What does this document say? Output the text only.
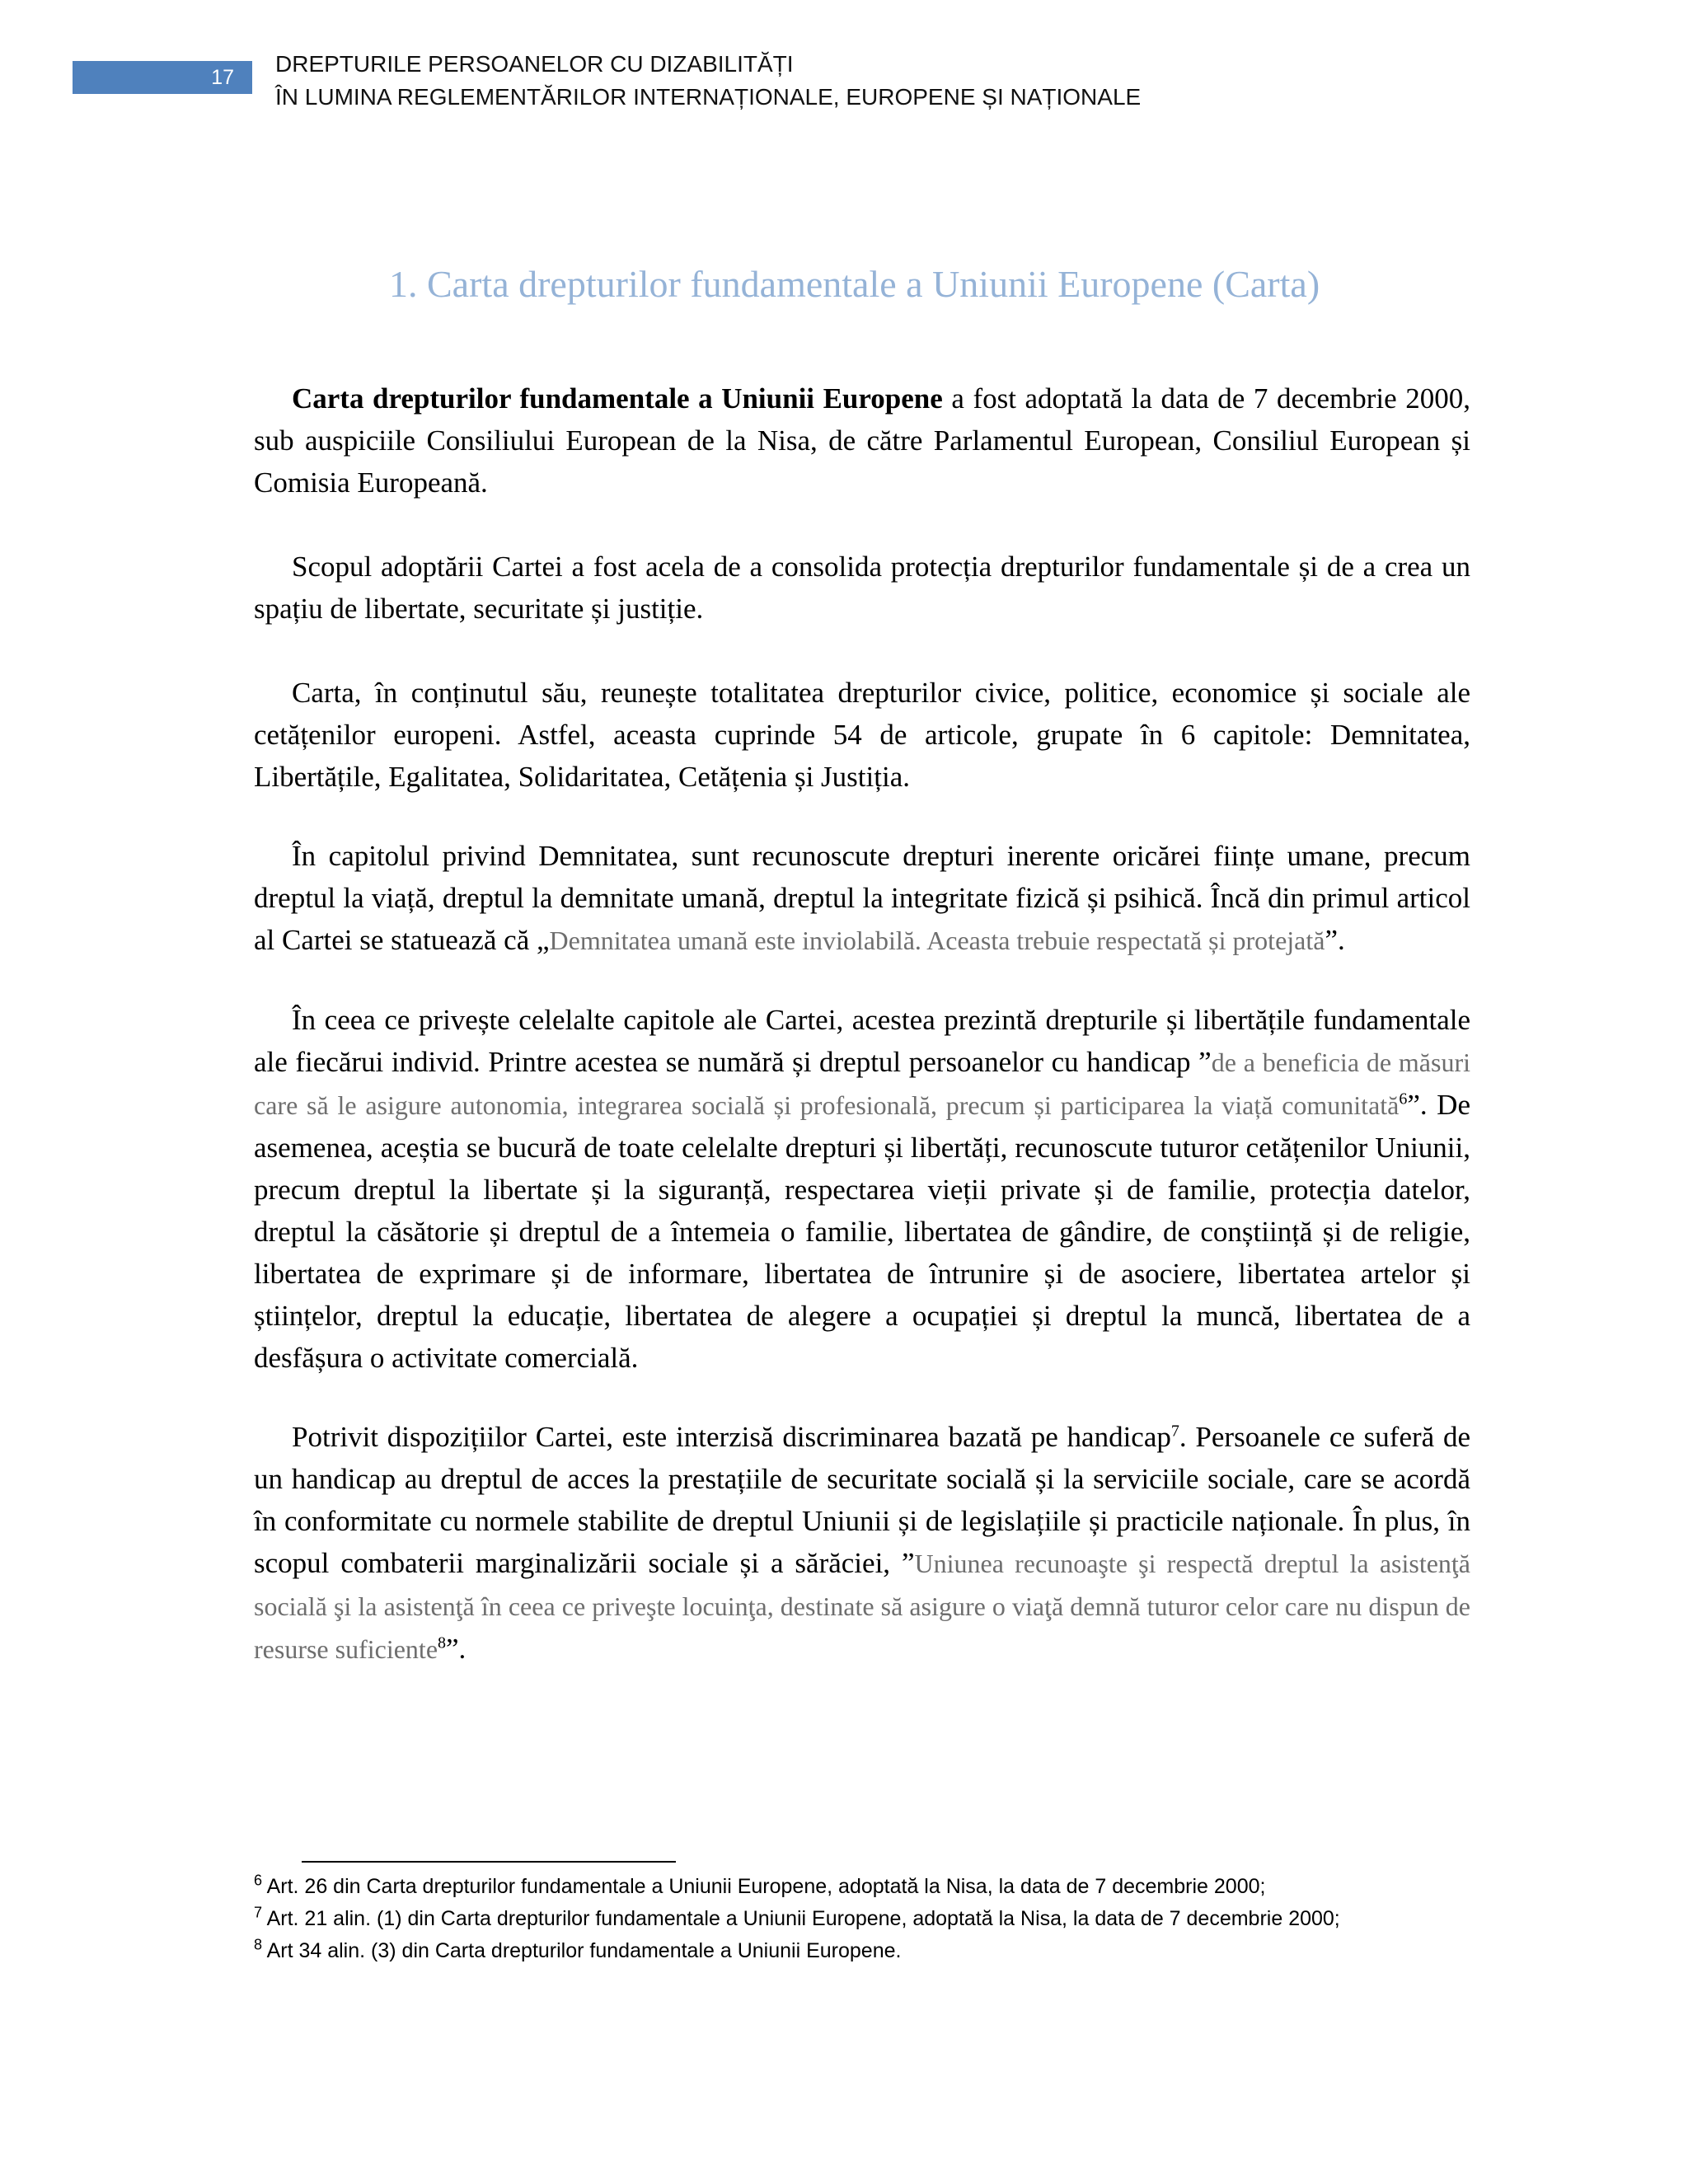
17
DREPTURILE PERSOANELOR CU DIZABILITĂȚI
ÎN LUMINA REGLEMENTĂRILOR INTERNAȚIONALE, EUROPENE ȘI NAȚIONALE
1. Carta drepturilor fundamentale a Uniunii Europene (Carta)

Carta drepturilor fundamentale a Uniunii Europene a fost adoptată la data de 7 decembrie 2000, sub auspiciile Consiliului European de la Nisa, de către Parlamentul European, Consiliul European și Comisia Europeană.

Scopul adoptării Cartei a fost acela de a consolida protecția drepturilor fundamentale și de a crea un spațiu de libertate, securitate și justiție.

Carta, în conținutul său, reunește totalitatea drepturilor civice, politice, economice și sociale ale cetățenilor europeni. Astfel, aceasta cuprinde 54 de articole, grupate în 6 capitole: Demnitatea, Libertățile, Egalitatea, Solidaritatea, Cetățenia și Justiția.

În capitolul privind Demnitatea, sunt recunoscute drepturi inerente oricărei ființe umane, precum dreptul la viață, dreptul la demnitate umană, dreptul la integritate fizică și psihică. Încă din primul articol al Cartei se statuează că „Demnitatea umană este inviolabilă. Aceasta trebuie respectată și protejată”.

În ceea ce privește celelalte capitole ale Cartei, acestea prezintă drepturile și libertățile fundamentale ale fiecărui individ. Printre acestea se numără și dreptul persoanelor cu handicap ”de a beneficia de măsuri care să le asigure autonomia, integrarea socială și profesională, precum și participarea la viață comunitată$^6$”. De asemenea, aceștia se bucură de toate celelalte drepturi și libertăți, recunoscute tuturor cetățenilor Uniunii, precum dreptul la libertate și la siguranță, respectarea vieții private și de familie, protecția datelor, dreptul la căsătorie și dreptul de a întemeia o familie, libertatea de gândire, de conștiință și de religie, libertatea de exprimare și de informare, libertatea de întrunire și de asociere, libertatea artelor și științelor, dreptul la educație, libertatea de alegere a ocupației și dreptul la muncă, libertatea de a desfășura o activitate comercială.

Potrivit dispozițiilor Cartei, este interzisă discriminarea bazată pe handicap$^7$. Persoanele ce suferă de un handicap au dreptul de acces la prestațiile de securitate socială și la serviciile sociale, care se acordă în conformitate cu normele stabilite de dreptul Uniunii și de legislațiile și practicile naționale. În plus, în scopul combaterii marginalizării sociale și a sărăciei, ”Uniunea recunoaşte şi respectă dreptul la asistenţă socială şi la asistenţă în ceea ce priveşte locuinţa, destinate să asigure o viaţă demnă tuturor celor care nu dispun de resurse suficiente$^8$”.

$^6$ Art. 26 din Carta drepturilor fundamentale a Uniunii Europene, adoptată la Nisa, la data de 7 decembrie 2000;

$^7$ Art. 21 alin. (1) din Carta drepturilor fundamentale a Uniunii Europene, adoptată la Nisa, la data de 7 decembrie 2000;

$^8$ Art 34 alin. (3) din Carta drepturilor fundamentale a Uniunii Europene.
